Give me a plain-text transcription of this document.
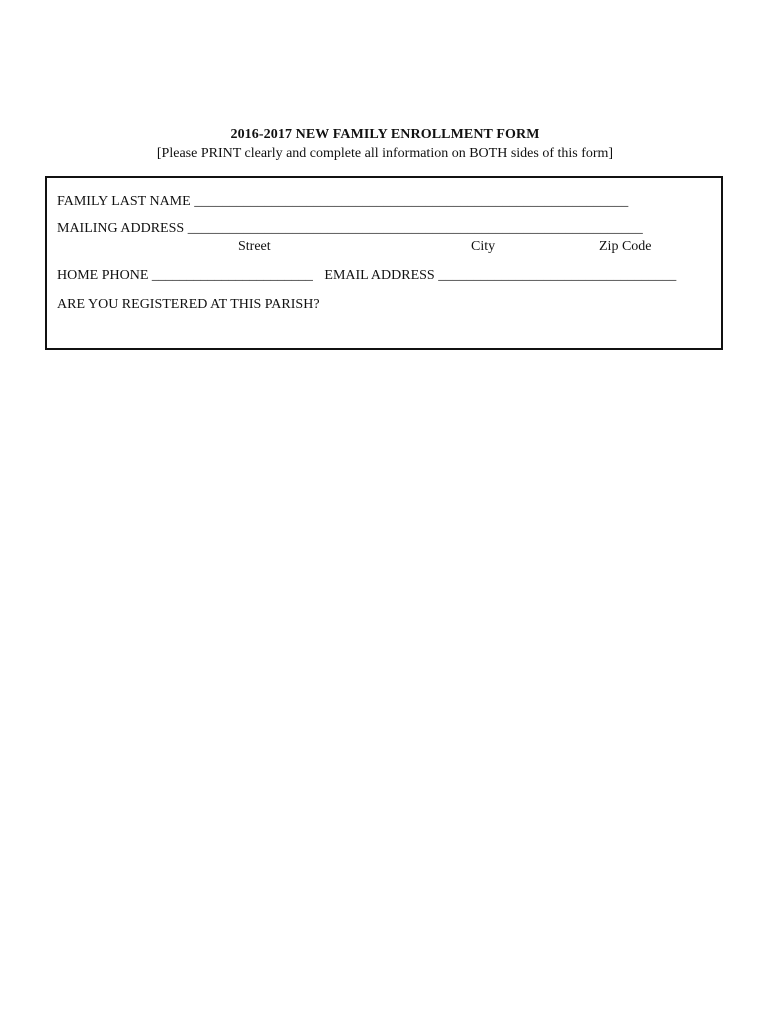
2016-2017 NEW FAMILY ENROLLMENT FORM
[Please PRINT clearly and complete all information on BOTH sides of this form]
FAMILY LAST NAME ______________________________________________________________
MAILING ADDRESS _________________________________________________________________
Street	City	Zip Code
HOME PHONE _______________________ EMAIL ADDRESS __________________________________
ARE YOU REGISTERED AT THIS PARISH?
